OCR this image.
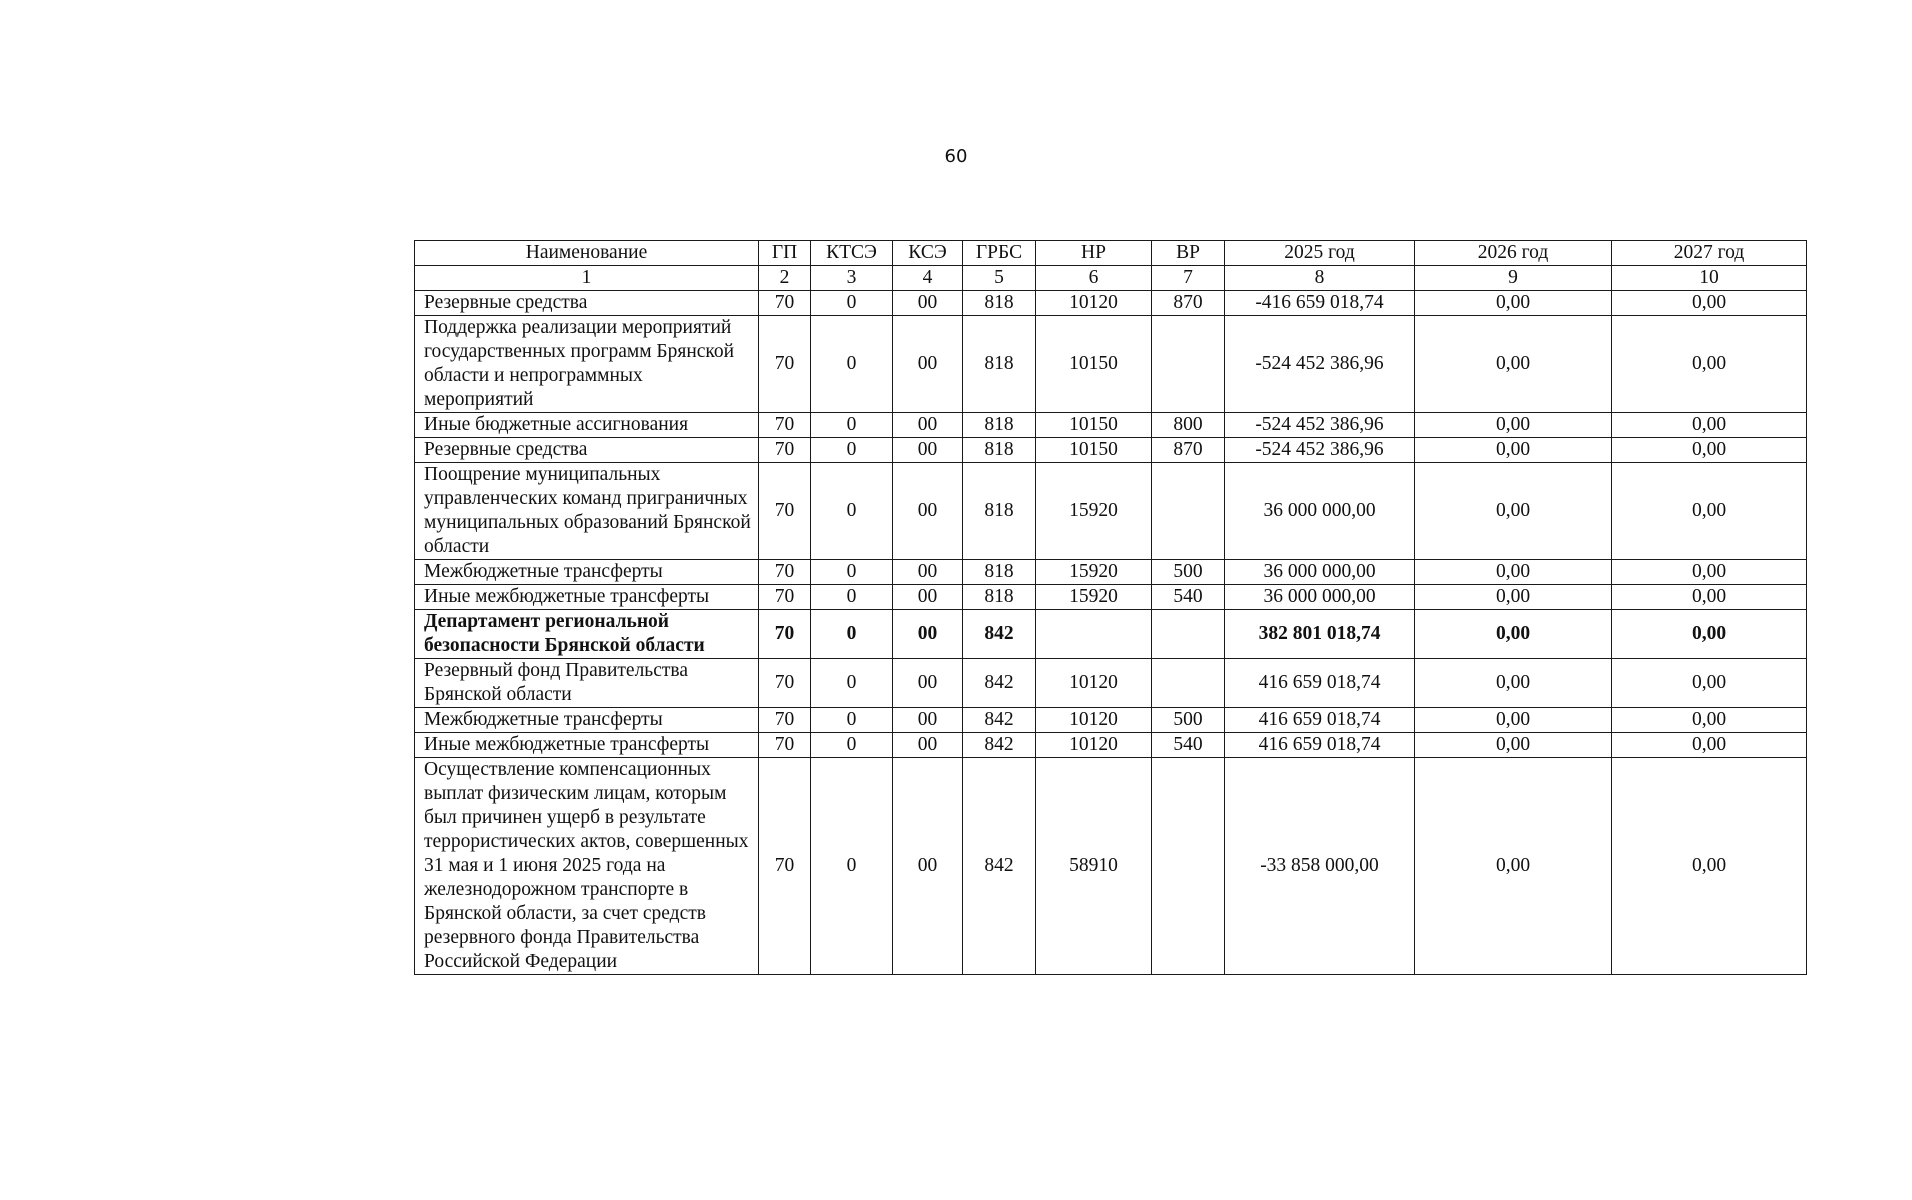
60
Наименование	ГП	КТСЭ	КСЭ	ГРБС	НР	ВР	2025 год	2026 год	2027 год
1	2	3	4	5	6	7	8	9	10
Резервные средства	70	0	00	818	10120	870	-416 659 018,74	0,00	0,00
Поддержка реализации мероприятий государственных программ Брянской области и непрограммных мероприятий	70	0	00	818	10150		-524 452 386,96	0,00	0,00
Иные бюджетные ассигнования	70	0	00	818	10150	800	-524 452 386,96	0,00	0,00
Резервные средства	70	0	00	818	10150	870	-524 452 386,96	0,00	0,00
Поощрение муниципальных управленческих команд приграничных муниципальных образований Брянской области	70	0	00	818	15920		36 000 000,00	0,00	0,00
Межбюджетные трансферты	70	0	00	818	15920	500	36 000 000,00	0,00	0,00
Иные межбюджетные трансферты	70	0	00	818	15920	540	36 000 000,00	0,00	0,00
Департамент региональной безопасности Брянской области	70	0	00	842			382 801 018,74	0,00	0,00
Резервный фонд Правительства Брянской области	70	0	00	842	10120		416 659 018,74	0,00	0,00
Межбюджетные трансферты	70	0	00	842	10120	500	416 659 018,74	0,00	0,00
Иные межбюджетные трансферты	70	0	00	842	10120	540	416 659 018,74	0,00	0,00
Осуществление компенсационных выплат физическим лицам, которым был причинен ущерб в результате террористических актов, совершенных 31 мая и 1 июня 2025 года на железнодорожном транспорте в Брянской области, за счет средств резервного фонда Правительства Российской Федерации	70	0	00	842	58910		-33 858 000,00	0,00	0,00
